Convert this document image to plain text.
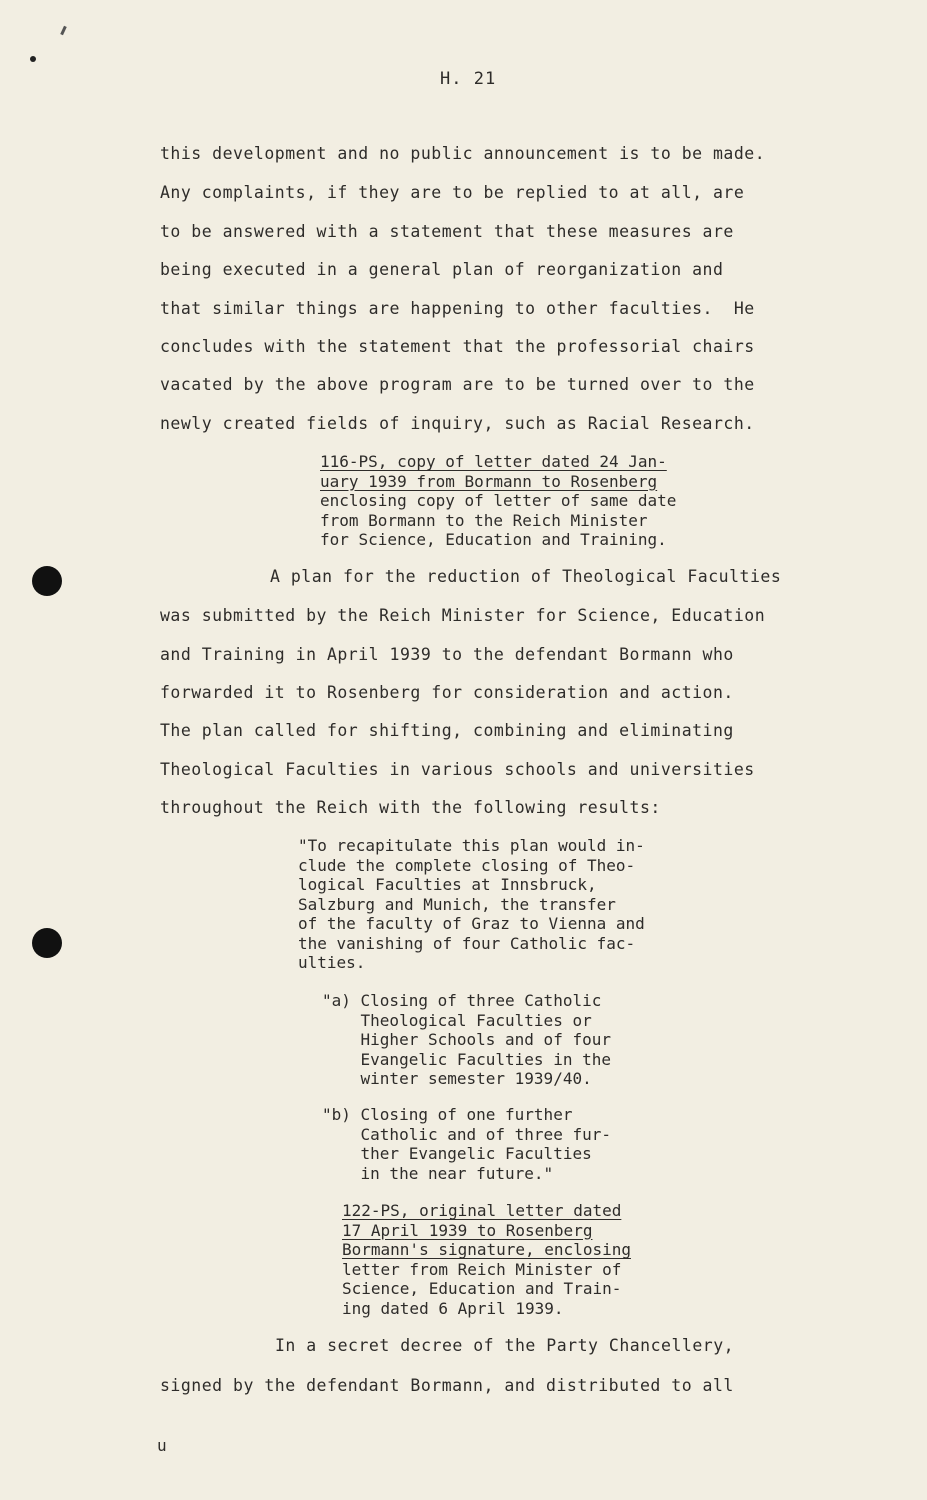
H. 21
this development and no public announcement is to be made.
Any complaints, if they are to be replied to at all, are
to be answered with a statement that these measures are
being executed in a general plan of reorganization and
that similar things are happening to other faculties.  He
concludes with the statement that the professorial chairs
vacated by the above program are to be turned over to the
newly created fields of inquiry, such as Racial Research.
116-PS, copy of letter dated 24 Jan-
uary 1939 from Bormann to Rosenberg
enclosing copy of letter of same date
from Bormann to the Reich Minister
for Science, Education and Training.
A plan for the reduction of Theological Faculties
was submitted by the Reich Minister for Science, Education
and Training in April 1939 to the defendant Bormann who
forwarded it to Rosenberg for consideration and action.
The plan called for shifting, combining and eliminating
Theological Faculties in various schools and universities
throughout the Reich with the following results:
"To recapitulate this plan would in-
clude the complete closing of Theo-
logical Faculties at Innsbruck,
Salzburg and Munich, the transfer
of the faculty of Graz to Vienna and
the vanishing of four Catholic fac-
ulties.
"a) Closing of three Catholic
Theological Faculties or
Higher Schools and of four
Evangelic Faculties in the
winter semester 1939/40.
"b) Closing of one further
Catholic and of three fur-
ther Evangelic Faculties
in the near future."
122-PS, original letter dated
17 April 1939 to Rosenberg
Bormann's signature, enclosing
letter from Reich Minister of
Science, Education and Train-
ing dated 6 April 1939.
In a secret decree of the Party Chancellery,
signed by the defendant Bormann, and distributed to all
u
